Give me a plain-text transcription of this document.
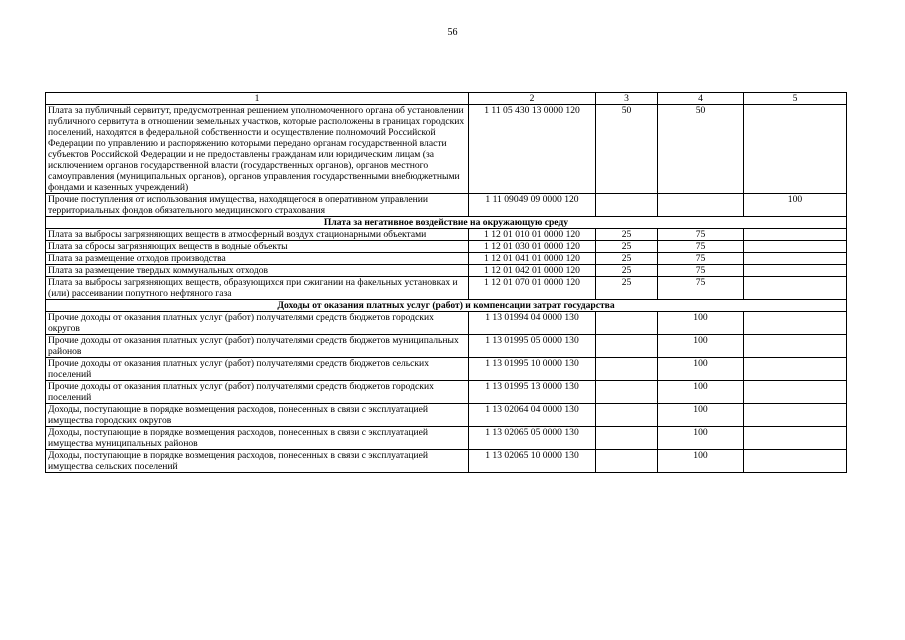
56
1	2	3	4	5
Плата за публичный сервитут, предусмотренная решением уполномоченного органа об установлении публичного сервитута в отношении земельных участков, которые расположены в границах городских поселений, находятся в федеральной собственности и осуществление полномочий Российской Федерации по управлению и распоряжению которыми передано органам государственной власти субъектов Российской Федерации и не предоставлены гражданам или юридическим лицам (за исключением органов государственной власти (государственных органов), органов местного самоуправления (муниципальных органов), органов управления государственными внебюджетными фондами и казенных учреждений)	1 11 05 430 13 0000 120	50	50	
Прочие поступления от использования имущества, находящегося в оперативном управлении территориальных фондов обязательного медицинского страхования	1 11 09049 09 0000 120			100
Плата за негативное воздействие на окружающую среду				
Плата за выбросы загрязняющих веществ в атмосферный воздух стационарными объектами	1 12 01 010 01 0000 120	25	75	
Плата за сбросы загрязняющих веществ в водные объекты	1 12 01 030 01 0000 120	25	75	
Плата за размещение отходов производства	1 12 01 041 01 0000 120	25	75	
Плата за размещение твердых коммунальных отходов	1 12 01 042 01 0000 120	25	75	
Плата за выбросы загрязняющих веществ, образующихся при сжигании на факельных установках и (или) рассеивании попутного нефтяного газа	1 12 01 070 01 0000 120	25	75	
Доходы от оказания платных услуг (работ) и компенсации затрат государства				
Прочие доходы от оказания платных услуг (работ) получателями средств бюджетов городских округов	1 13 01994 04 0000 130		100	
Прочие доходы от оказания платных услуг (работ) получателями средств бюджетов муниципальных районов	1 13 01995 05 0000 130		100	
Прочие доходы от оказания платных услуг (работ) получателями средств бюджетов сельских поселений	1 13 01995 10 0000 130		100	
Прочие доходы от оказания платных услуг (работ) получателями средств бюджетов городских поселений	1 13 01995 13 0000 130		100	
Доходы, поступающие в порядке возмещения расходов, понесенных в связи с эксплуатацией имущества городских округов	1 13 02064 04 0000 130		100	
Доходы, поступающие в порядке возмещения расходов, понесенных в связи с эксплуатацией имущества муниципальных районов	1 13 02065 05 0000 130		100	
Доходы, поступающие в порядке возмещения расходов, понесенных в связи с эксплуатацией имущества сельских поселений	1 13 02065 10 0000 130		100	
